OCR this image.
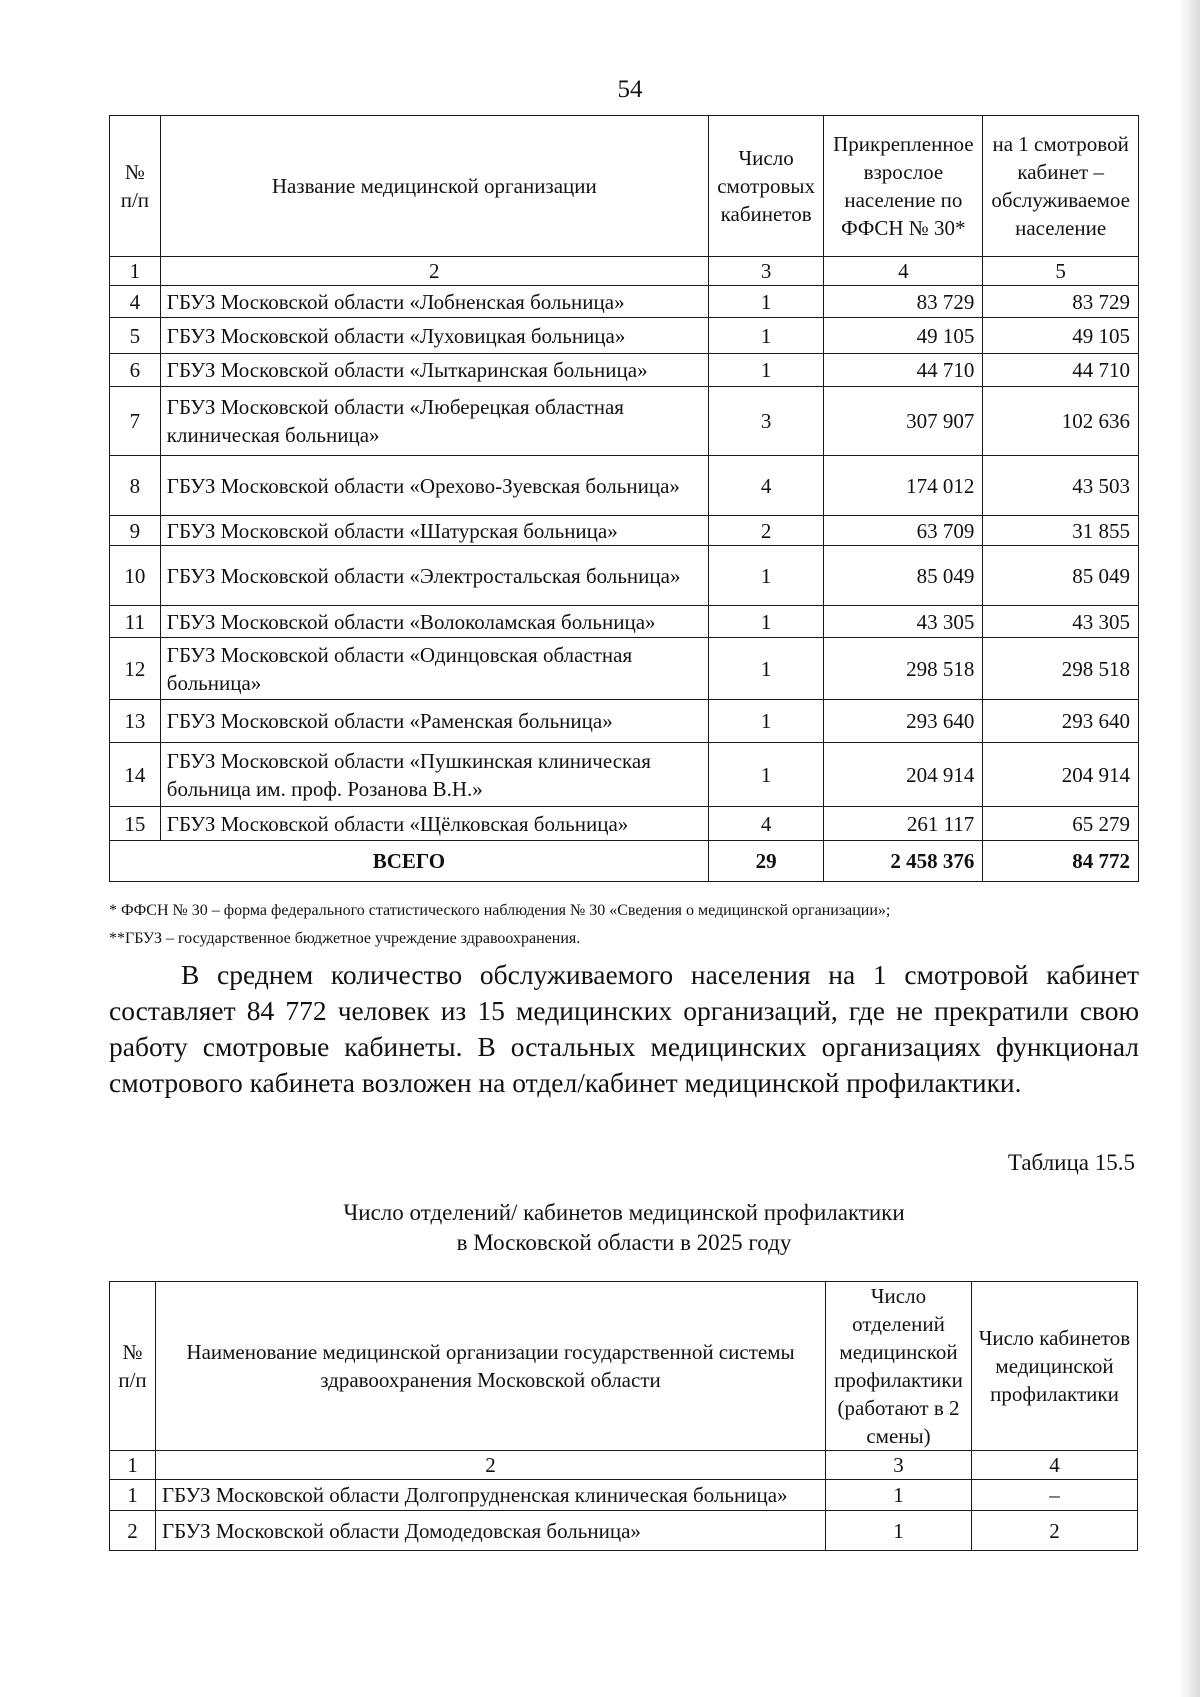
54
№ п/п	Название медицинской организации	Число смотровых кабинетов	Прикрепленное взрослое население по ФФСН № 30*	на 1 смотровой кабинет – обслуживаемое население

1	2	3	4	5
4	ГБУЗ Московской области «Лобненская больница»	1	83 729	83 729
5	ГБУЗ Московской области «Луховицкая больница»	1	49 105	49 105
6	ГБУЗ Московской области «Лыткаринская больница»	1	44 710	44 710
7	ГБУЗ Московской области «Люберецкая областная клиническая больница»	3	307 907	102 636
8	ГБУЗ Московской области «Орехово-Зуевская больница»	4	174 012	43 503
9	ГБУЗ Московской области «Шатурская больница»	2	63 709	31 855
10	ГБУЗ Московской области «Электростальская больница»	1	85 049	85 049
11	ГБУЗ Московской области «Волоколамская больница»	1	43 305	43 305
12	ГБУЗ Московской области «Одинцовская областная больница»	1	298 518	298 518
13	ГБУЗ Московской области «Раменская больница»	1	293 640	293 640
14	ГБУЗ Московской области «Пушкинская клиническая больница им. проф. Розанова В.Н.»	1	204 914	204 914
15	ГБУЗ Московской области «Щёлковская больница»	4	261 117	65 279
ВСЕГО		29	2 458 376	84 772
* ФФСН № 30 – форма федерального статистического наблюдения № 30 «Сведения о медицинской организации»;
**ГБУЗ – государственное бюджетное учреждение здравоохранения.
В среднем количество обслуживаемого населения на 1 смотровой кабинет составляет 84 772 человек из 15 медицинских организаций, где не прекратили свою работу смотровые кабинеты. В остальных медицинских организациях функционал смотрового кабинета возложен на отдел/кабинет медицинской профилактики.
Таблица 15.5
Число отделений/ кабинетов медицинской профилактики
в Московской области в 2025 году
№ п/п	Наименование медицинской организации государственной системы здравоохранения Московской области	Число отделений медицинской профилактики (работают в 2 смены)	Число кабинетов медицинской профилактики

1	2	3	4
1	ГБУЗ Московской области Долгопрудненская клиническая больница»	1	–
2	ГБУЗ Московской области Домодедовская больница»	1	2
